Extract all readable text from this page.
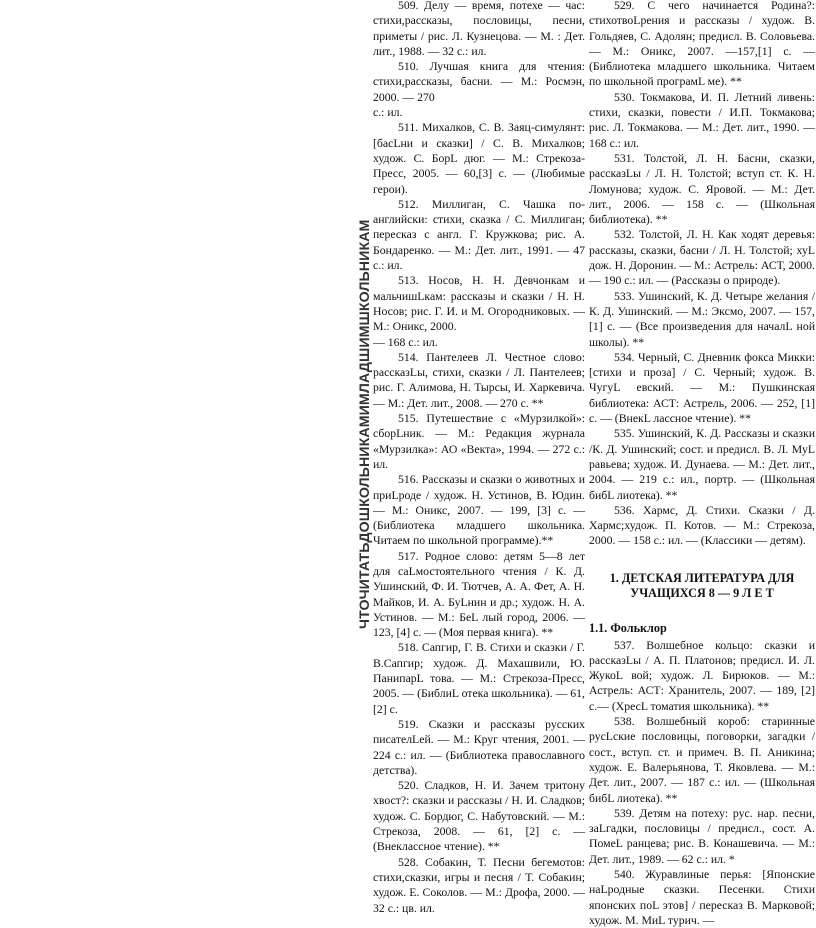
ЧТОЧИТАТЬДОШКОЛЬНИКАМИМЛАДШИМШКОЛЬНИКАМ

509. Делу — время, потехе — час: стихи,рассказы, пословицы, песни, приметы / рис. Л. Кузнецова. — М. : Дет. лит., 1988. — 32 с.: ил.

510. Лучшая книга для чтения: стихи,рассказы, басни. — М.: Росмэн, 2000. — 270

с.: ил.

511. Михалков, С. В. Заяц-симулянт: [басLни и сказки] / С. В. Михалков; худож. С. БорL дюг. — М.: Стрекоза-Пресс, 2005. — 60,[3] с. — (Любимые герои).

512. Миллиган, С. Чашка по-английски: стихи, сказка / С. Миллиган; пересказ с англ. Г. Кружкова; рис. А. Бондаренко. — М.: Дет. лит., 1991. — 47 с.: ил.

513. Носов, Н. Н. Девчонкам и мальчишLкам: рассказы и сказки / Н. Н. Носов; рис. Г. И. и М. Огородниковых. — М.: Оникс, 2000.

— 168 с.: ил.

514. Пантелеев Л. Честное слово: рассказLы, стихи, сказки / Л. Пантелеев; рис. Г. Алимова, Н. Тырсы, И. Харкевича. — М.: Дет. лит., 2008. — 270 с. **

515. Путешествие с «Мурзилкой»: сборLник. — М.: Редакция журнала «Мурзилка»: АО «Векта», 1994. — 272 с.: ил.

516. Рассказы и сказки о животных и приLроде / худож. Н. Устинов, В. Юдин. — М.: Оникс, 2007. — 199, [3] с. — (Библиотека младшего школьника. Читаем по школьной программе).**

517. Родное слово: детям 5—8 лет для саLмостоятельного чтения / К. Д. Ушинский, Ф. И. Тютчев, А. А. Фет, А. Н. Майков, И. А. БуLнин и др.; худож. Н. А. Устинов. — М.: БеL лый город, 2006. — 123, [4] с. — (Моя первая книга). **

518. Сапгир, Г. В. Стихи и сказки / Г. В.Сапгир; худож. Д. Махашвили, Ю. ПанипарL това. — М.: Стрекоза-Пресс, 2005. — (БиблиL отека школьника). — 61, [2] с.

519. Сказки и рассказы русских писателLей. — М.: Круг чтения, 2001. — 224 с.: ил. — (Библиотека православного детства).

520. Сладков, Н. И. Зачем тритону хвост?: сказки и рассказы / Н. И. Сладков; худож. С. Бордюг, С. Набутовский. — М.: Стрекоза, 2008. — 61, [2] с. — (Внеклассное чтение). **

528. Собакин, Т. Песни бегемотов: стихи,сказки, игры и песня / Т. Собакин; худож. Е. Соколов. — М.: Дрофа, 2000. — 32 с.: цв. ил.

529. С чего начинается Родина?: стихотвоLрения и рассказы / худож. В. Гольдяев, С. Адолян; предисл. В. Соловьева. — М.: Оникс, 2007. —157,[1] с. — (Библиотека младшего школьника. Читаем по школьной програмL ме). **

530. Токмакова, И. П. Летний ливень: стихи, сказки, повести / И.П. Токмакова; рис. Л. Токмакова. — М.: Дет. лит., 1990. — 168 с.: ил.

531. Толстой, Л. Н. Басни, сказки, рассказLы / Л. Н. Толстой; вступ ст. К. Н. Ломунова; худож. С. Яровой. — М.: Дет. лит., 2006. — 158 с. — (Школьная библиотека). **

532. Толстой, Л. Н. Как ходят деревья: рассказы, сказки, басни / Л. Н. Толстой; хуL дож. Н. Доронин. — М.: Астрель: АСТ, 2000. — 190 с.: ил. — (Рассказы о природе).

533. Ушинский, К. Д. Четыре желания /К. Д. Ушинский. — М.: Эксмо, 2007. — 157,[1] с. — (Все произведения для началL ной школы). **

534. Черный, С. Дневник фокса Микки: [стихи и проза] / С. Черный; худож. В. ЧугуL евский. — М.: Пушкинская библиотека: АСТ: Астрель, 2006. — 252, [1] с. — (ВнекL лассное чтение). **

535. Ушинский, К. Д. Рассказы и сказки /К. Д. Ушинский; сост. и предисл. В. Л. МуL равьева; худож. И. Дунаева. — М.: Дет. лит., 2004. — 219 с.: ил., портр. — (Школьная бибL лиотека). **

536. Хармс, Д. Стихи. Сказки / Д. Хармс;худож. П. Котов. — М.: Стрекоза, 2000. — 158 с.: ил. — (Классики — детям).

1. ДЕТСКАЯ ЛИТЕРАТУРА ДЛЯ УЧАЩИХСЯ 8 — 9 Л Е Т
1.1. Фольклор

537. Волшебное кольцо: сказки и рассказLы / А. П. Платонов; предисл. И. Л. ЖукоL вой; худож. Л. Бирюков. — М.: Астрель: АСТ: Хранитель, 2007. — 189, [2] с.— (ХресL томатия школьника). **

538. Волшебный короб: старинные русLские пословицы, поговорки, загадки / сост., вступ. ст. и примеч. В. П. Аникина; худож. Е. Валерьянова, Т. Яковлева. — М.: Дет. лит., 2007. — 187 с.: ил. — (Школьная бибL лиотека). **

539. Детям на потеху: рус. нар. песни, заLгадки, пословицы / предисл., сост. А. ПомеL ранцева; рис. В. Конашевича. — М.: Дет. лит., 1989. — 62 с.: ил. *

540. Журавлиные перья: [Японские наLродные сказки. Песенки. Стихи японских поL этов] / пересказ В. Марковой; худож. М. МиL турич. —
